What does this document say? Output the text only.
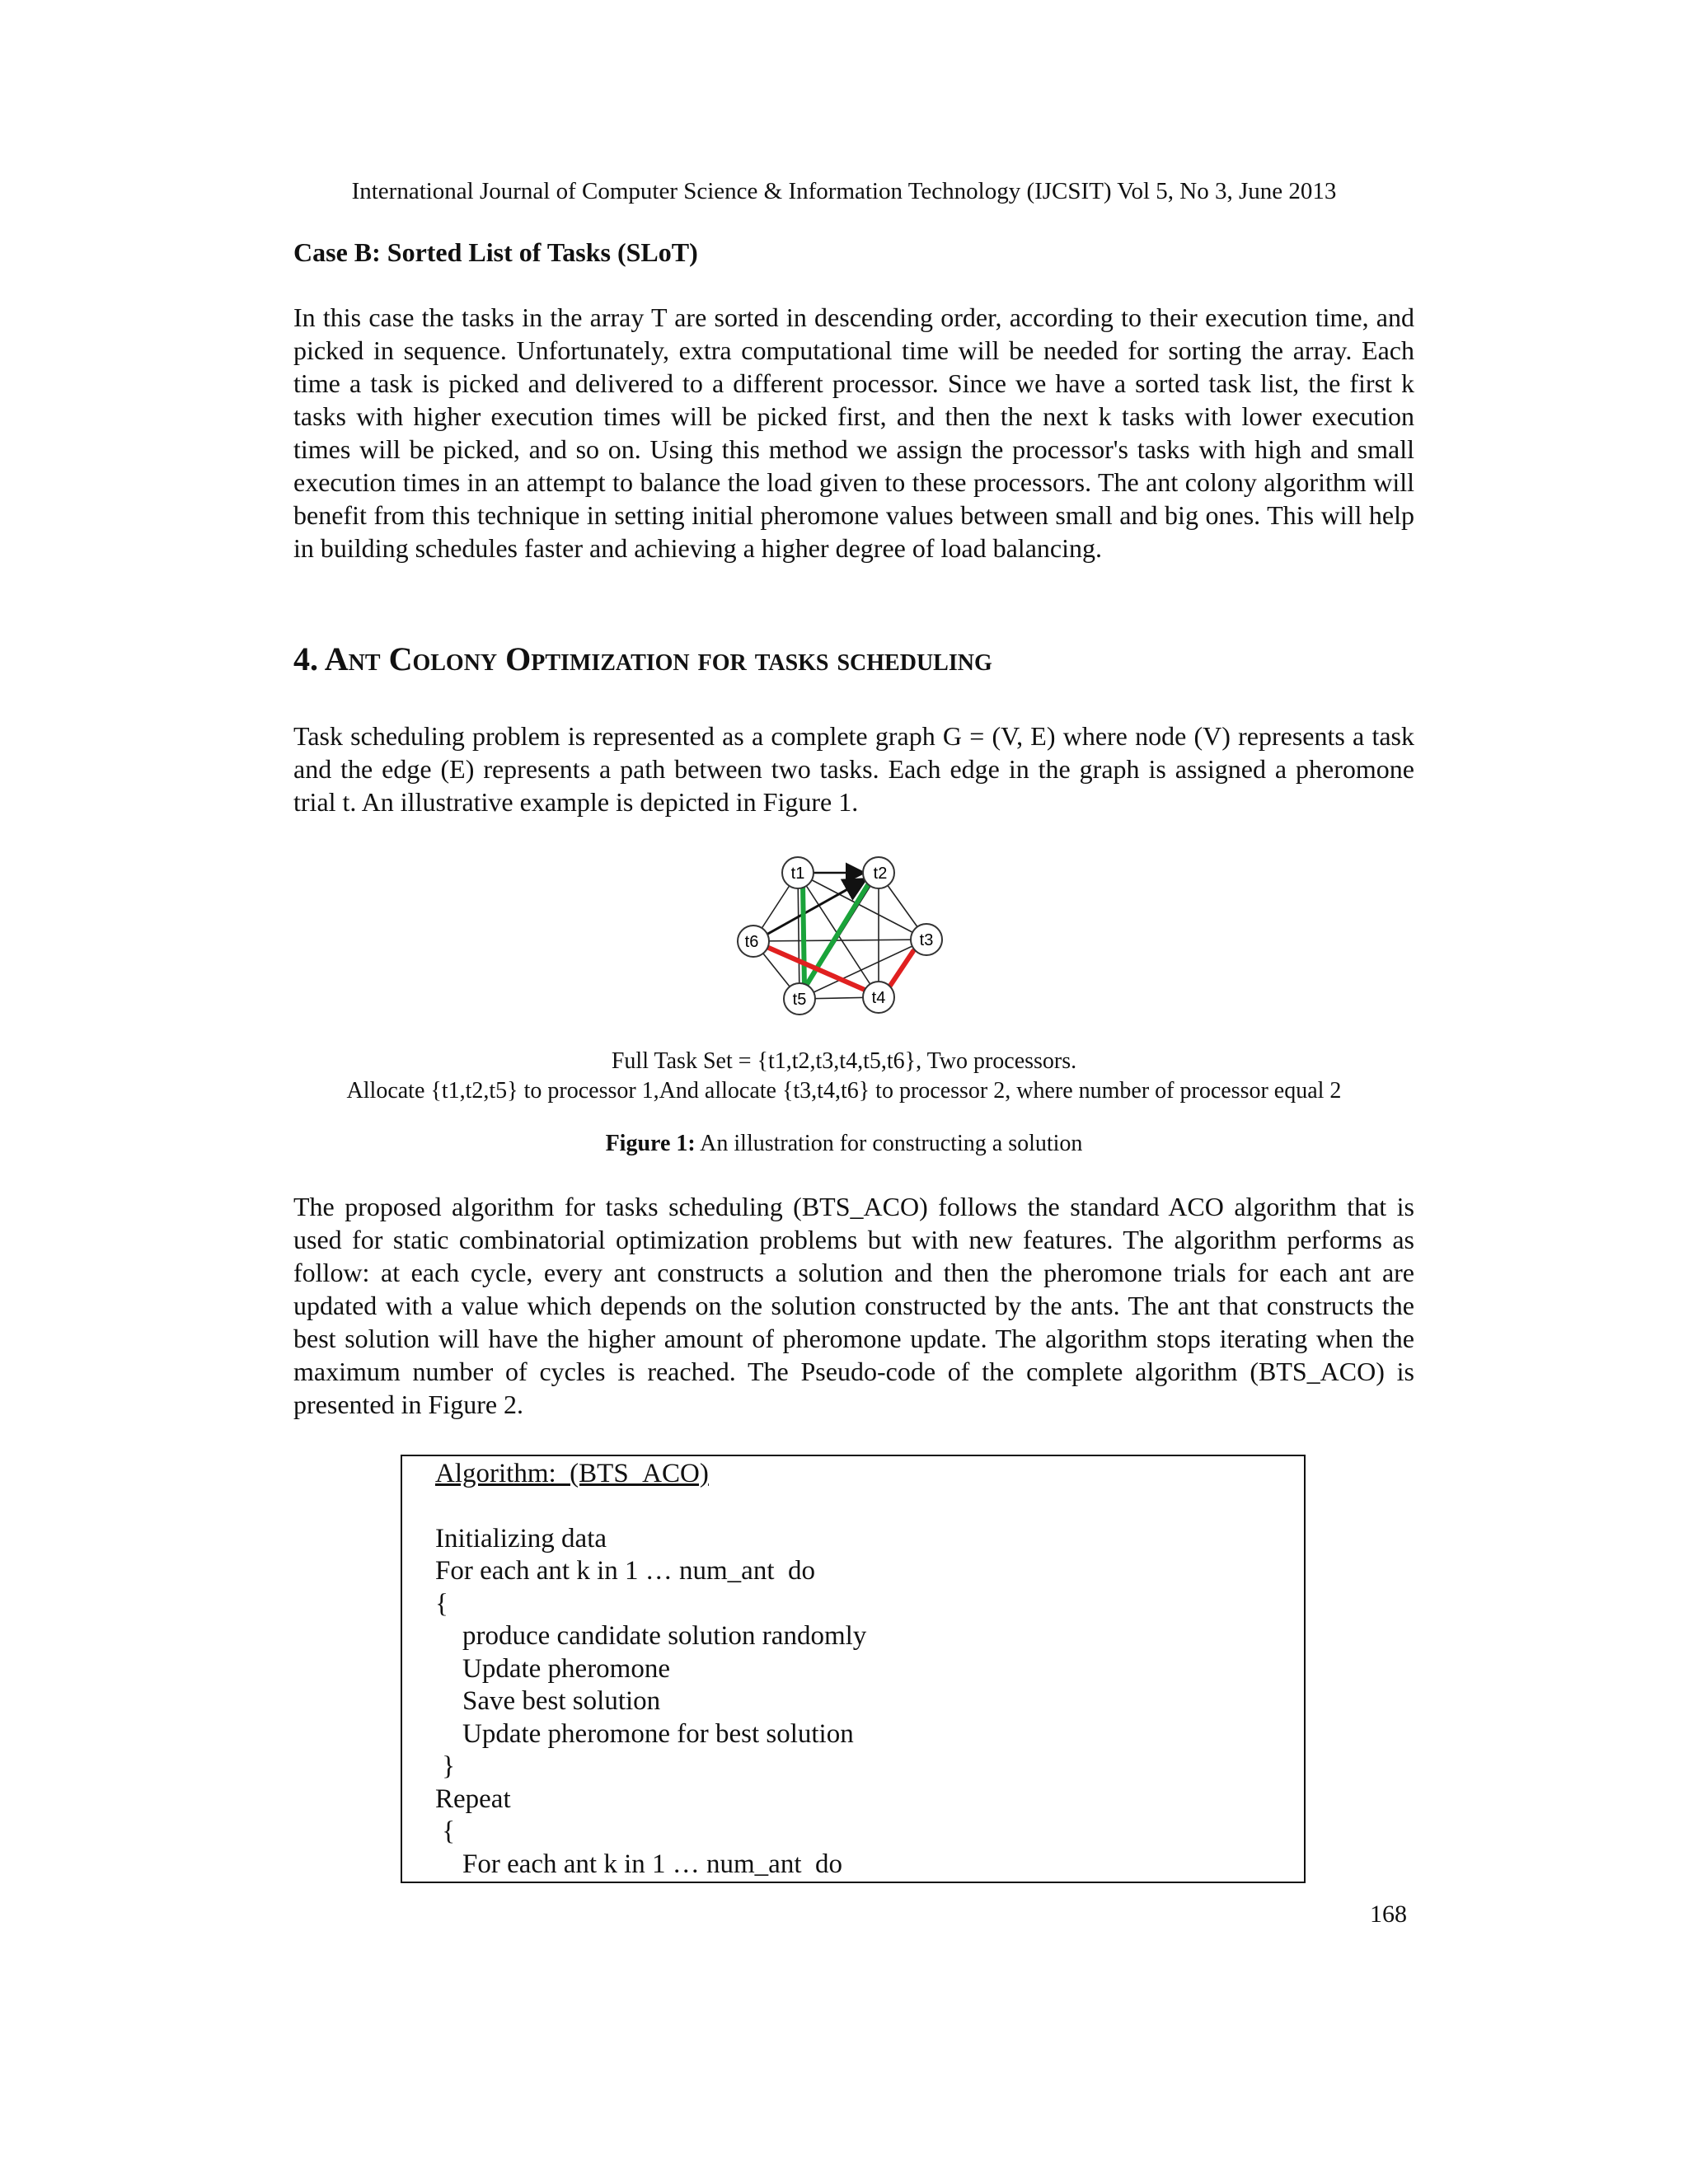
International Journal of Computer Science & Information Technology (IJCSIT) Vol 5, No 3, June 2013
Case B: Sorted List of Tasks (SLoT)
In this case the tasks in the array T are sorted in descending order, according to their execution time, and picked in sequence. Unfortunately, extra computational time will be needed for sorting the array. Each time a task is picked and delivered to a different processor. Since we have a sorted task list, the first k tasks with higher execution times will be picked first, and then the next k tasks with lower execution times will be picked, and so on. Using this method we assign the processor's tasks with high and small execution times in an attempt to balance the load given to these processors. The ant colony algorithm will benefit from this technique in setting initial pheromone values between small and big ones. This will help in building schedules faster and achieving a higher degree of load balancing.
4. Ant Colony Optimization for tasks scheduling
Task scheduling problem is represented as a complete graph G = (V, E) where node (V) represents a task and the edge (E) represents a path between two tasks. Each edge in the graph is assigned a pheromone trial t. An illustrative example is depicted in Figure 1.
t1	t2
t3
t4
t5
t6
Full Task Set = {t1,t2,t3,t4,t5,t6}, Two processors.
Allocate {t1,t2,t5} to processor 1,And allocate {t3,t4,t6} to processor 2, where number of processor equal 2
Figure 1: An illustration for constructing a solution
The proposed algorithm for tasks scheduling (BTS_ACO) follows the standard ACO algorithm that is used for static combinatorial optimization problems but with new features. The algorithm performs as follow: at each cycle, every ant constructs a solution and then the pheromone trials for each ant are updated with a value which depends on the solution constructed by the ants. The ant that constructs the best solution will have the higher amount of pheromone update. The algorithm stops iterating when the maximum number of cycles is reached. The Pseudo-code of the complete algorithm (BTS_ACO) is presented in Figure 2.
Algorithm:  (BTS_ACO)
Initializing data
For each ant k in 1 … num_ant  do
{
produce candidate solution randomly
Update pheromone
Save best solution
Update pheromone for best solution
}
Repeat
{
For each ant k in 1 … num_ant  do
168
